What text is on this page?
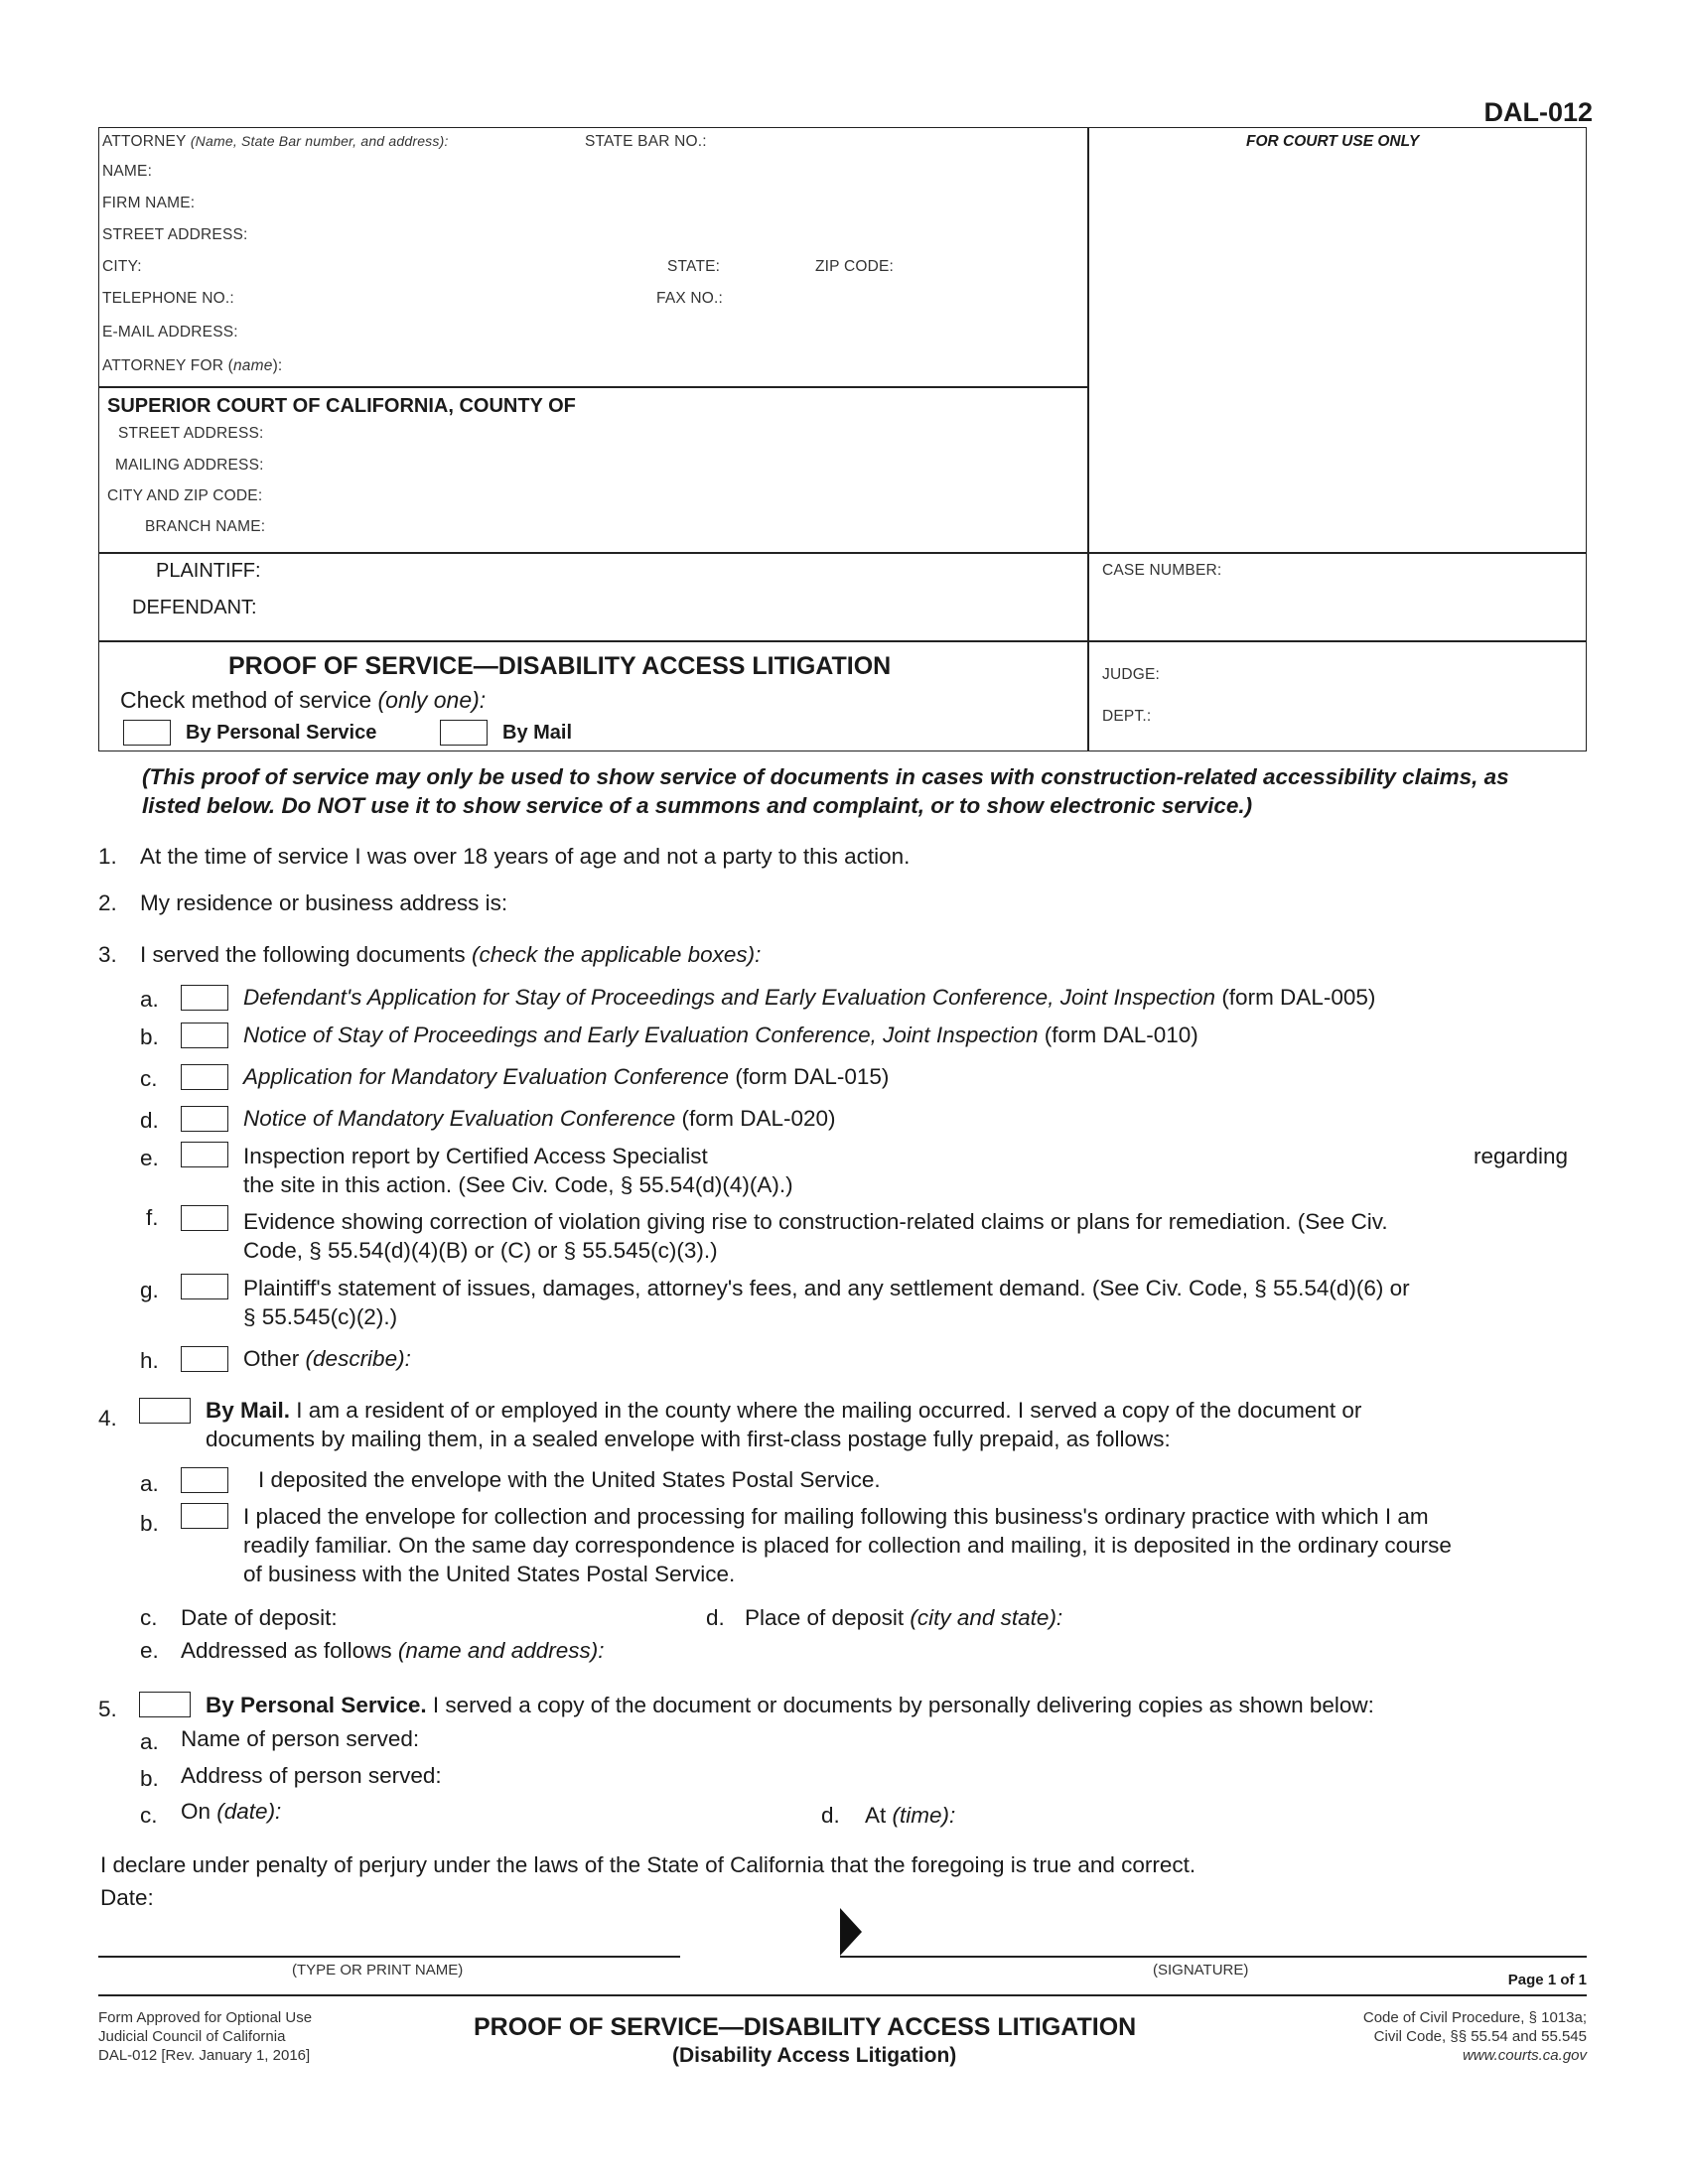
DAL-012
ATTORNEY (Name, State Bar number, and address):	STATE BAR NO.:
NAME:
FIRM NAME:
STREET ADDRESS:
CITY:	STATE:	ZIP CODE:
TELEPHONE NO.:	FAX NO.:
E-MAIL ADDRESS:
ATTORNEY FOR (name):
FOR COURT USE ONLY
SUPERIOR COURT OF CALIFORNIA, COUNTY OF
STREET ADDRESS:
MAILING ADDRESS:
CITY AND ZIP CODE:
BRANCH NAME:
PLAINTIFF:
DEFENDANT:
CASE NUMBER:
PROOF OF SERVICE—DISABILITY ACCESS LITIGATION
Check method of service (only one):
By Personal Service	By Mail
JUDGE:
DEPT.:
(This proof of service may only be used to show service of documents in cases with construction-related accessibility claims, as listed below. Do NOT use it to show service of a summons and complaint, or to show electronic service.)
1. At the time of service I was over 18 years of age and not a party to this action.
2. My residence or business address is:
3. I served the following documents (check the applicable boxes):
a.	Defendant's Application for Stay of Proceedings and Early Evaluation Conference, Joint Inspection (form DAL-005)
b.	Notice of Stay of Proceedings and Early Evaluation Conference, Joint Inspection (form DAL-010)
c.	Application for Mandatory Evaluation Conference (form DAL-015)
d.	Notice of Mandatory Evaluation Conference (form DAL-020)
e.	Inspection report by Certified Access Specialist	regarding
the site in this action. (See Civ. Code, § 55.54(d)(4)(A).)
f.	Evidence showing correction of violation giving rise to construction-related claims or plans for remediation. (See Civ.
Code, § 55.54(d)(4)(B) or (C) or § 55.545(c)(3).)
g.	Plaintiff's statement of issues, damages, attorney's fees, and any settlement demand. (See Civ. Code, § 55.54(d)(6) or
§ 55.545(c)(2).)
h.	Other (describe):
4.	By Mail. I am a resident of or employed in the county where the mailing occurred. I served a copy of the document or
documents by mailing them, in a sealed envelope with first-class postage fully prepaid, as follows:
a.	I deposited the envelope with the United States Postal Service.
b.	I placed the envelope for collection and processing for mailing following this business's ordinary practice with which I am
readily familiar. On the same day correspondence is placed for collection and mailing, it is deposited in the ordinary course
of business with the United States Postal Service.
c. Date of deposit:	d. Place of deposit (city and state):
e. Addressed as follows (name and address):
5.	By Personal Service. I served a copy of the document or documents by personally delivering copies as shown below:
a. Name of person served:
b. Address of person served:
c. On (date):	d. At (time):
I declare under penalty of perjury under the laws of the State of California that the foregoing is true and correct.
Date:
(TYPE OR PRINT NAME)	(SIGNATURE)
Page 1 of 1
Form Approved for Optional Use
Judicial Council of California
DAL-012 [Rev. January 1, 2016]
PROOF OF SERVICE—DISABILITY ACCESS LITIGATION
(Disability Access Litigation)
Code of Civil Procedure, § 1013a;
Civil Code, §§ 55.54 and 55.545
www.courts.ca.gov
